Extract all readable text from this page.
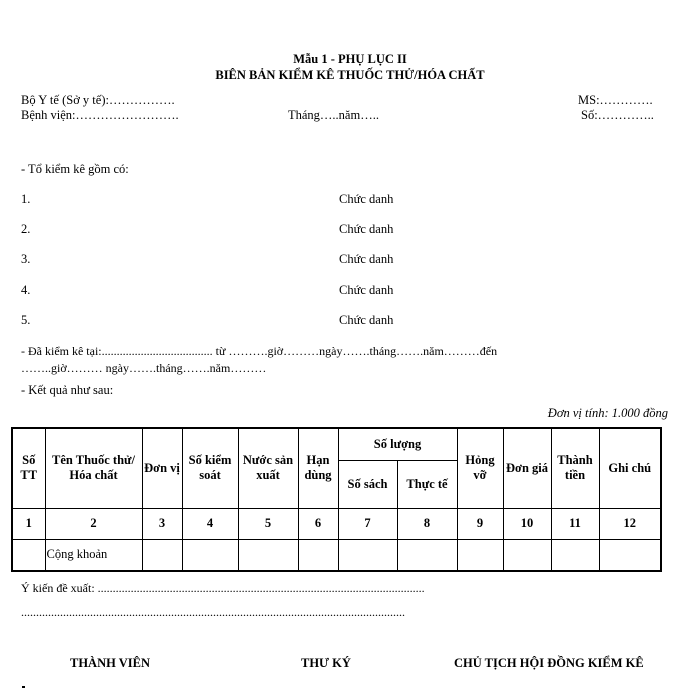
Mẫu 1 - PHỤ LỤC II
BIÊN BẢN KIỂM KÊ THUỐC THỬ/HÓA CHẤT
Bộ Y tế (Sở y tế):…………….	MS:………….
Bệnh viện:…………………….	Tháng…..năm…..	Số:…………..
- Tổ kiểm kê gồm có:
1.	Chức danh
2.	Chức danh
3.	Chức danh
4.	Chức danh
5.	Chức danh
- Đã kiểm kê tại:..................................... từ ……….giờ………ngày…….tháng…….năm………đến
……..giờ……… ngày…….tháng…….năm………
- Kết quả như sau:
Đơn vị tính: 1.000 đồng
Số TT	Tên Thuốc thử/ Hóa chất	Đơn vị	Số kiểm soát	Nước sản xuất	Hạn dùng	Số lượng		Hỏng vỡ	Đơn giá	Thành tiền	Ghi chú
						Số sách	Thực tế				
1	2	3	4	5	6	7	8	9	10	11	12
	Cộng khoản										
Ý kiến đề xuất: .............................................................................................................
................................................................................................................................
THÀNH VIÊN	THƯ KÝ	CHỦ TỊCH HỘI ĐỒNG KIỂM KÊ
